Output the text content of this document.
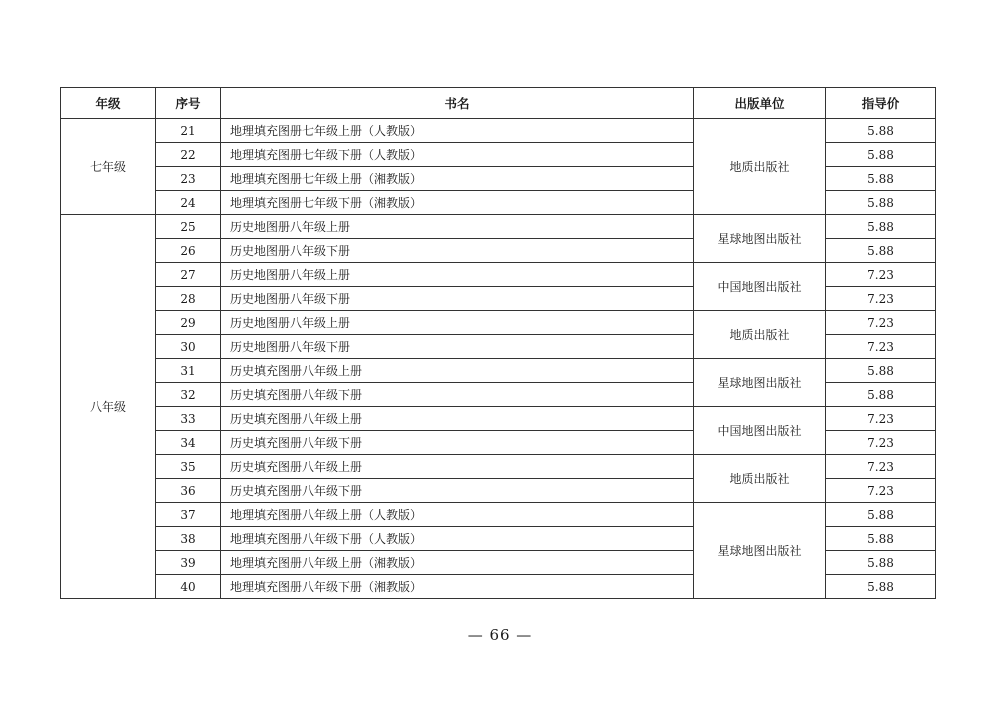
年级	序号	书名	出版单位	指导价
七年级	21	地理填充图册七年级上册（人教版）	地质出版社	5.88
	22	地理填充图册七年级下册（人教版）		5.88
	23	地理填充图册七年级上册（湘教版）		5.88
	24	地理填充图册七年级下册（湘教版）		5.88
八年级	25	历史地图册八年级上册	星球地图出版社	5.88
	26	历史地图册八年级下册		5.88
	27	历史地图册八年级上册	中国地图出版社	7.23
	28	历史地图册八年级下册		7.23
	29	历史地图册八年级上册	地质出版社	7.23
	30	历史地图册八年级下册		7.23
	31	历史填充图册八年级上册	星球地图出版社	5.88
	32	历史填充图册八年级下册		5.88
	33	历史填充图册八年级上册	中国地图出版社	7.23
	34	历史填充图册八年级下册		7.23
	35	历史填充图册八年级上册	地质出版社	7.23
	36	历史填充图册八年级下册		7.23
	37	地理填充图册八年级上册（人教版）	星球地图出版社	5.88
	38	地理填充图册八年级下册（人教版）		5.88
	39	地理填充图册八年级上册（湘教版）		5.88
	40	地理填充图册八年级下册（湘教版）		5.88
— 66 —
